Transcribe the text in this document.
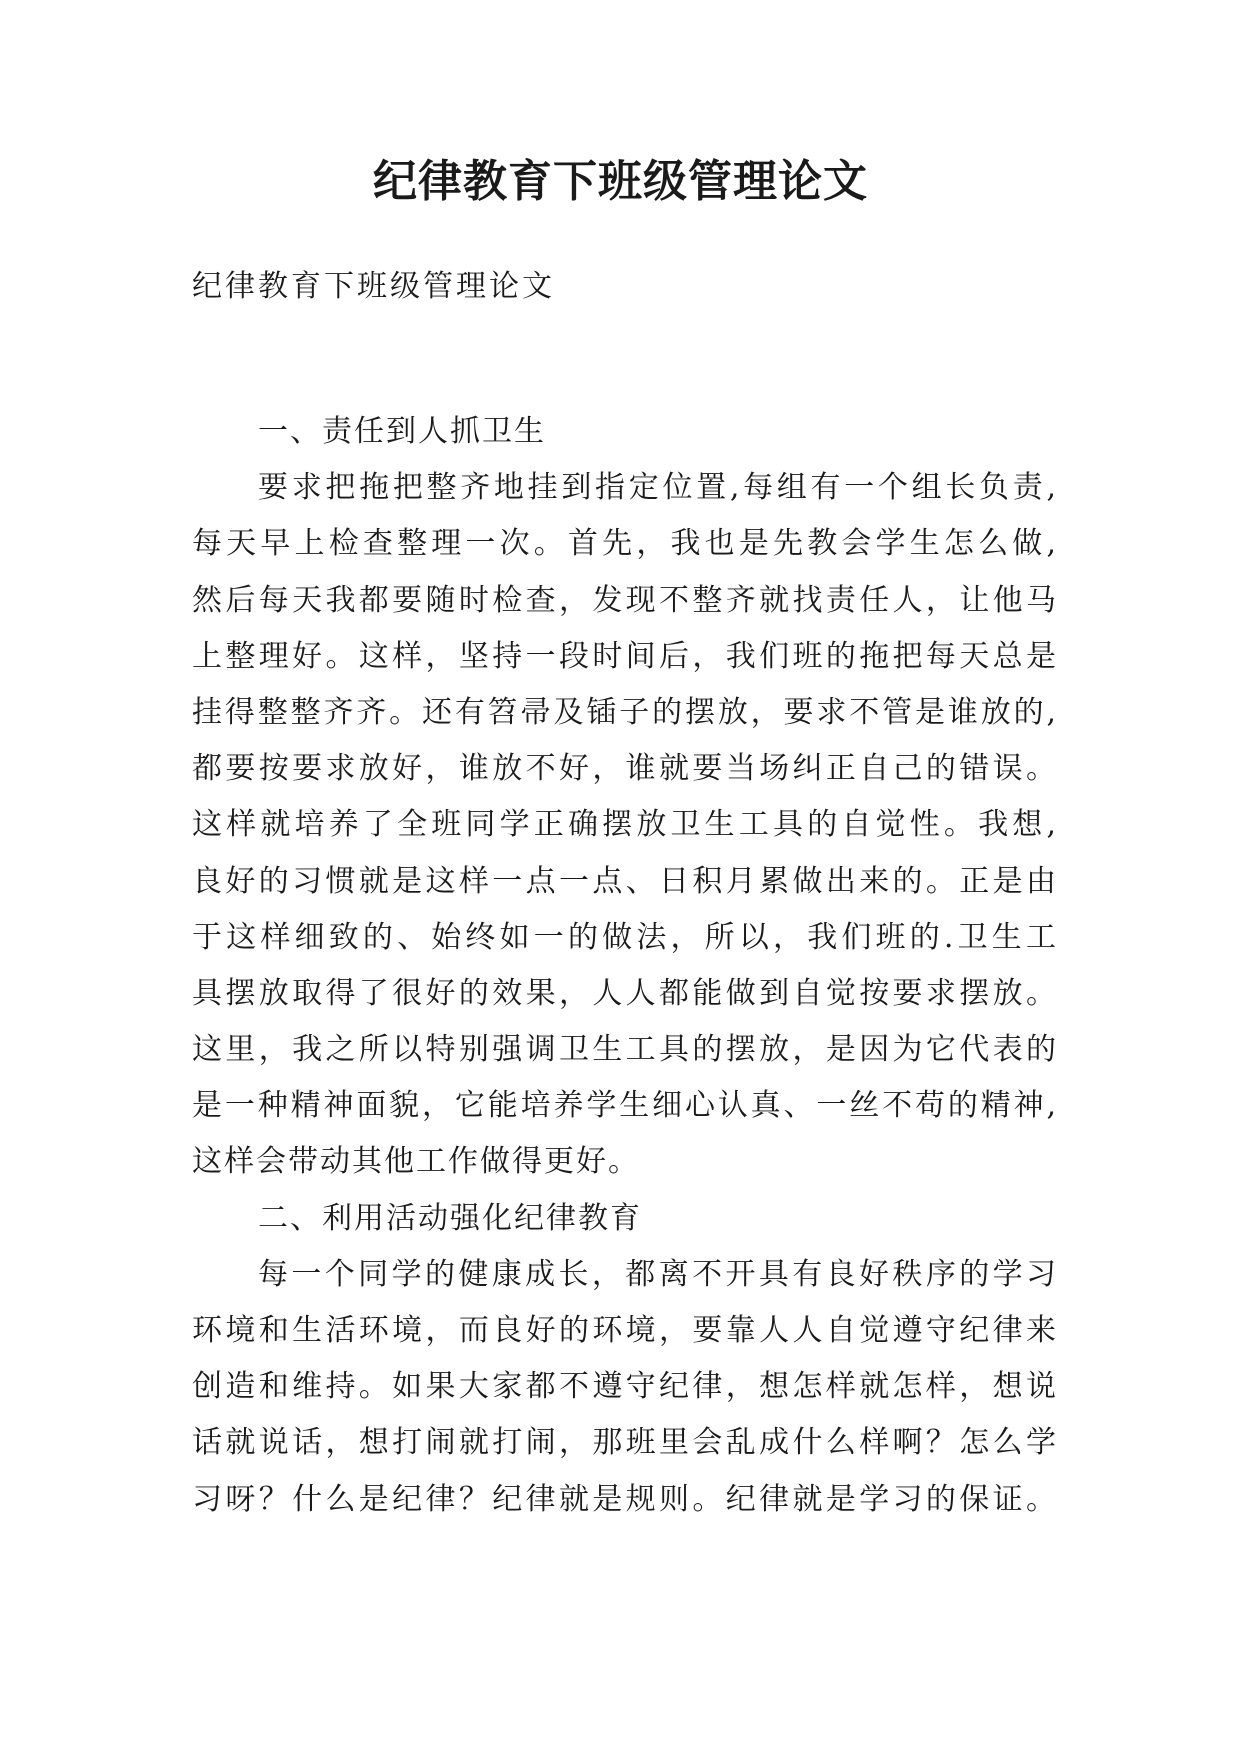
纪律教育下班级管理论文

纪律教育下班级管理论文

一、责任到人抓卫生
要求把拖把整齐地挂到指定位置,每组有一个组长负责,
每天早上检查整理一次。首先，我也是先教会学生怎么做,
然后每天我都要随时检查，发现不整齐就找责任人，让他马
上整理好。这样，坚持一段时间后，我们班的拖把每天总是
挂得整整齐齐。还有笤帚及锸子的摆放，要求不管是谁放的,
都要按要求放好，谁放不好，谁就要当场纠正自己的错误。
这样就培养了全班同学正确摆放卫生工具的自觉性。我想,
良好的习惯就是这样一点一点、日积月累做出来的。正是由
于这样细致的、始终如一的做法，所以，我们班的.卫生工
具摆放取得了很好的效果，人人都能做到自觉按要求摆放。
这里，我之所以特别强调卫生工具的摆放，是因为它代表的
是一种精神面貌，它能培养学生细心认真、一丝不苟的精神,
这样会带动其他工作做得更好。
二、利用活动强化纪律教育
每一个同学的健康成长，都离不开具有良好秩序的学习
环境和生活环境，而良好的环境，要靠人人自觉遵守纪律来
创造和维持。如果大家都不遵守纪律，想怎样就怎样，想说
话就说话，想打闹就打闹，那班里会乱成什么样啊？怎么学
习呀？什么是纪律？纪律就是规则。纪律就是学习的保证。
